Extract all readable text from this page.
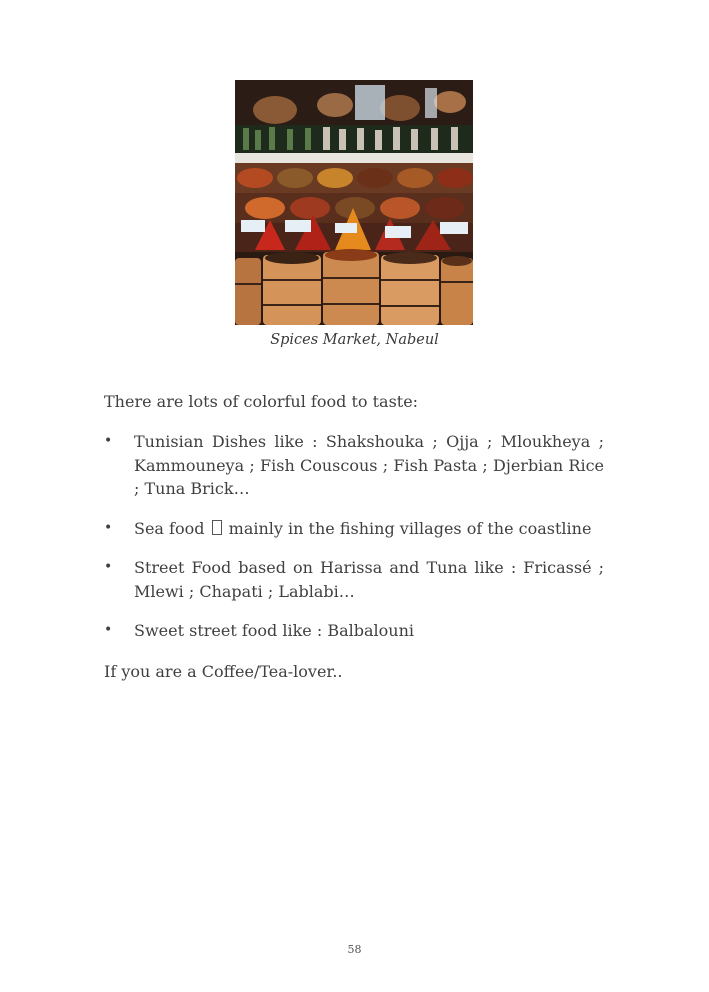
Spices Market, Nabeul
There are lots of colorful food to taste:
• Tunisian Dishes like : Shakshouka ; Ojja ; Mloukheya ; Kammouneya ; Fish Couscous ; Fish Pasta ; Djerbian Rice ; Tuna Brick…
• Sea food  mainly in the fishing villages of the coastline
• Street Food based on Harissa and Tuna like : Fricassé ; Mlewi ; Chapati ; Lablabi…
• Sweet street food like : Balbalouni
If you are a Coffee/Tea-lover..
58
